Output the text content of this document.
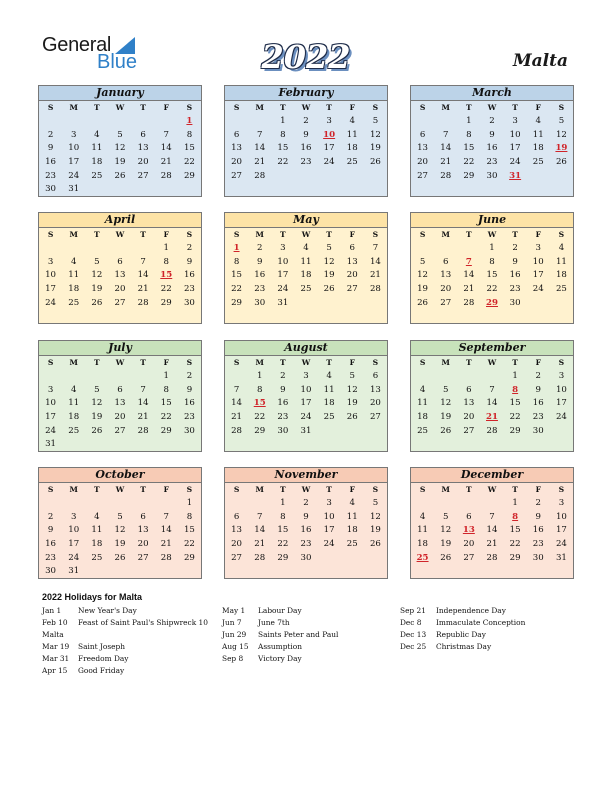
General
Blue	2022	Malta
January
S	M	T	W	T	F	S
						1
2	3	4	5	6	7	8
9	10	11	12	13	14	15
16	17	18	19	20	21	22
23	24	25	26	27	28	29
30	31					
February
S	M	T	W	T	F	S
		1	2	3	4	5
6	7	8	9	10	11	12
13	14	15	16	17	18	19
20	21	22	23	24	25	26
27	28					
March
S	M	T	W	T	F	S
		1	2	3	4	5
6	7	8	9	10	11	12
13	14	15	16	17	18	19
20	21	22	23	24	25	26
27	28	29	30	31		
April
S	M	T	W	T	F	S
					1	2
3	4	5	6	7	8	9
10	11	12	13	14	15	16
17	18	19	20	21	22	23
24	25	26	27	28	29	30
May
S	M	T	W	T	F	S
1	2	3	4	5	6	7
8	9	10	11	12	13	14
15	16	17	18	19	20	21
22	23	24	25	26	27	28
29	30	31				
June
S	M	T	W	T	F	S
			1	2	3	4
5	6	7	8	9	10	11
12	13	14	15	16	17	18
19	20	21	22	23	24	25
26	27	28	29	30		
July
S	M	T	W	T	F	S
					1	2
3	4	5	6	7	8	9
10	11	12	13	14	15	16
17	18	19	20	21	22	23
24	25	26	27	28	29	30
31						
August
S	M	T	W	T	F	S
	1	2	3	4	5	6
7	8	9	10	11	12	13
14	15	16	17	18	19	20
21	22	23	24	25	26	27
28	29	30	31			
September
S	M	T	W	T	F	S
				1	2	3
4	5	6	7	8	9	10
11	12	13	14	15	16	17
18	19	20	21	22	23	24
25	26	27	28	29	30	
October
S	M	T	W	T	F	S
						1
2	3	4	5	6	7	8
9	10	11	12	13	14	15
16	17	18	19	20	21	22
23	24	25	26	27	28	29
30	31					
November
S	M	T	W	T	F	S
		1	2	3	4	5
6	7	8	9	10	11	12
13	14	15	16	17	18	19
20	21	22	23	24	25	26
27	28	29	30			
December
S	M	T	W	T	F	S
				1	2	3
4	5	6	7	8	9	10
11	12	13	14	15	16	17
18	19	20	21	22	23	24
25	26	27	28	29	30	31
2022 Holidays for Malta
Jan 1 New Year's Day
Feb 10 Feast of Saint Paul's Shipwreck 10
Malta
Mar 19 Saint Joseph
Mar 31 Freedom Day
Apr 15 Good Friday
May 1 Labour Day
Jun 7 June 7th
Jun 29 Saints Peter and Paul
Aug 15 Assumption
Sep 8 Victory Day
Sep 21 Independence Day
Dec 8 Immaculate Conception
Dec 13 Republic Day
Dec 25 Christmas Day
